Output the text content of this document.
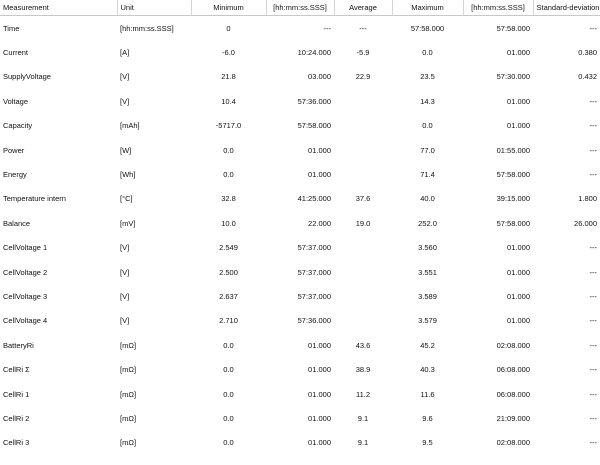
Measurement	Unit	Minimum	[hh:mm:ss.SSS]	Average	Maximum	[hh:mm:ss.SSS]	Standard-deviation
Time	[hh:mm:ss.SSS]	0	---	---	57:58.000	57:58.000	---
Current	[A]	-6.0	10:24.000	-5.9	0.0	01.000	0.380
SupplyVoltage	[V]	21.8	03.000	22.9	23.5	57:30.000	0.432
Voltage	[V]	10.4	57:36.000		14.3	01.000	---
Capacity	[mAh]	-5717.0	57:58.000		0.0	01.000	---
Power	[W]	0.0	01.000		77.0	01:55.000	---
Energy	[Wh]	0.0	01.000		71.4	57:58.000	---
Temperature intern	[°C]	32.8	41:25.000	37.6	40.0	39:15.000	1.800
Balance	[mV]	10.0	22.000	19.0	252.0	57:58.000	26.000
CellVoltage 1	[V]	2.549	57:37.000		3.560	01.000	---
CellVoltage 2	[V]	2.500	57:37.000		3.551	01.000	---
CellVoltage 3	[V]	2.637	57:37.000		3.589	01.000	---
CellVoltage 4	[V]	2.710	57:36.000		3.579	01.000	---
BatteryRi	[mΩ]	0.0	01.000	43.6	45.2	02:08.000	---
CellRi Σ	[mΩ]	0.0	01.000	38.9	40.3	06:08.000	---
CellRi 1	[mΩ]	0.0	01.000	11.2	11.6	06:08.000	---
CellRi 2	[mΩ]	0.0	01.000	9.1	9.6	21:09.000	---
CellRi 3	[mΩ]	0.0	01.000	9.1	9.5	02:08.000	---
